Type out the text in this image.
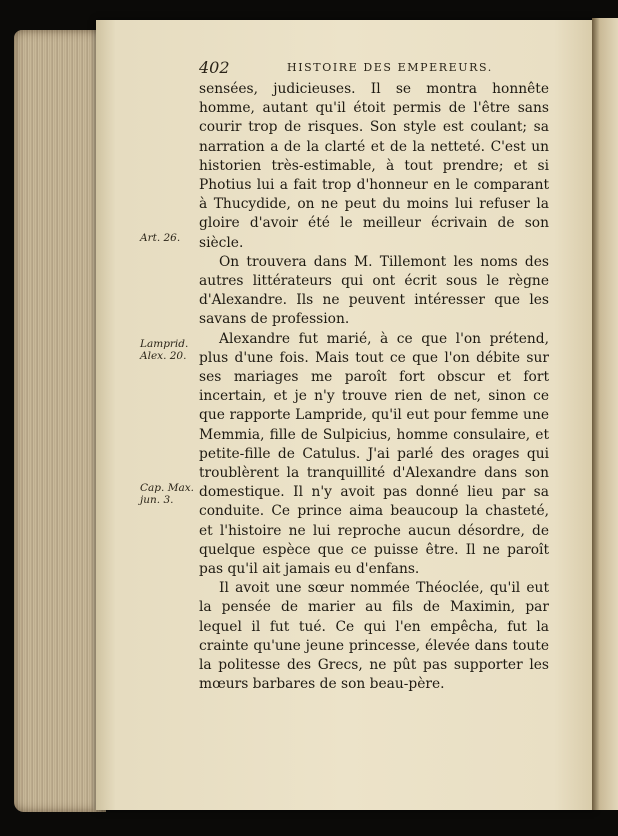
402	HISTOIRE DES EMPEREURS.

sensées, judicieuses. Il se montra honnête homme, autant qu'il étoit permis de l'être sans courir trop de risques. Son style est coulant; sa narration a de la clarté et de la netteté. C'est un historien très-estimable, à tout prendre; et si Photius lui a fait trop d'honneur en le comparant à Thucydide, on ne peut du moins lui refuser la gloire d'avoir été le meilleur écrivain de son siècle.

On trouvera dans M. Tillemont les noms des autres littérateurs qui ont écrit sous le règne d'Alexandre. Ils ne peuvent intéresser que les savans de profession.

Alexandre fut marié, à ce que l'on prétend, plus d'une fois. Mais tout ce que l'on débite sur ses mariages me paroît fort obscur et fort incertain, et je n'y trouve rien de net, sinon ce que rapporte Lampride, qu'il eut pour femme une Memmia, fille de Sulpicius, homme consulaire, et petite-fille de Catulus. J'ai parlé des orages qui troublèrent la tranquillité d'Alexandre dans son domestique. Il n'y avoit pas donné lieu par sa conduite. Ce prince aima beaucoup la chasteté, et l'histoire ne lui reproche aucun désordre, de quelque espèce que ce puisse être. Il ne paroît pas qu'il ait jamais eu d'enfans.

Il avoit une sœur nommée Théoclée, qu'il eut la pensée de marier au fils de Maximin, par lequel il fut tué. Ce qui l'en empêcha, fut la crainte qu'une jeune princesse, élevée dans toute la politesse des Grecs, ne pût pas supporter les mœurs barbares de son beau-père.

Art. 26.
Lamprid.
Alex. 20.
Cap. Max.
jun. 3.
